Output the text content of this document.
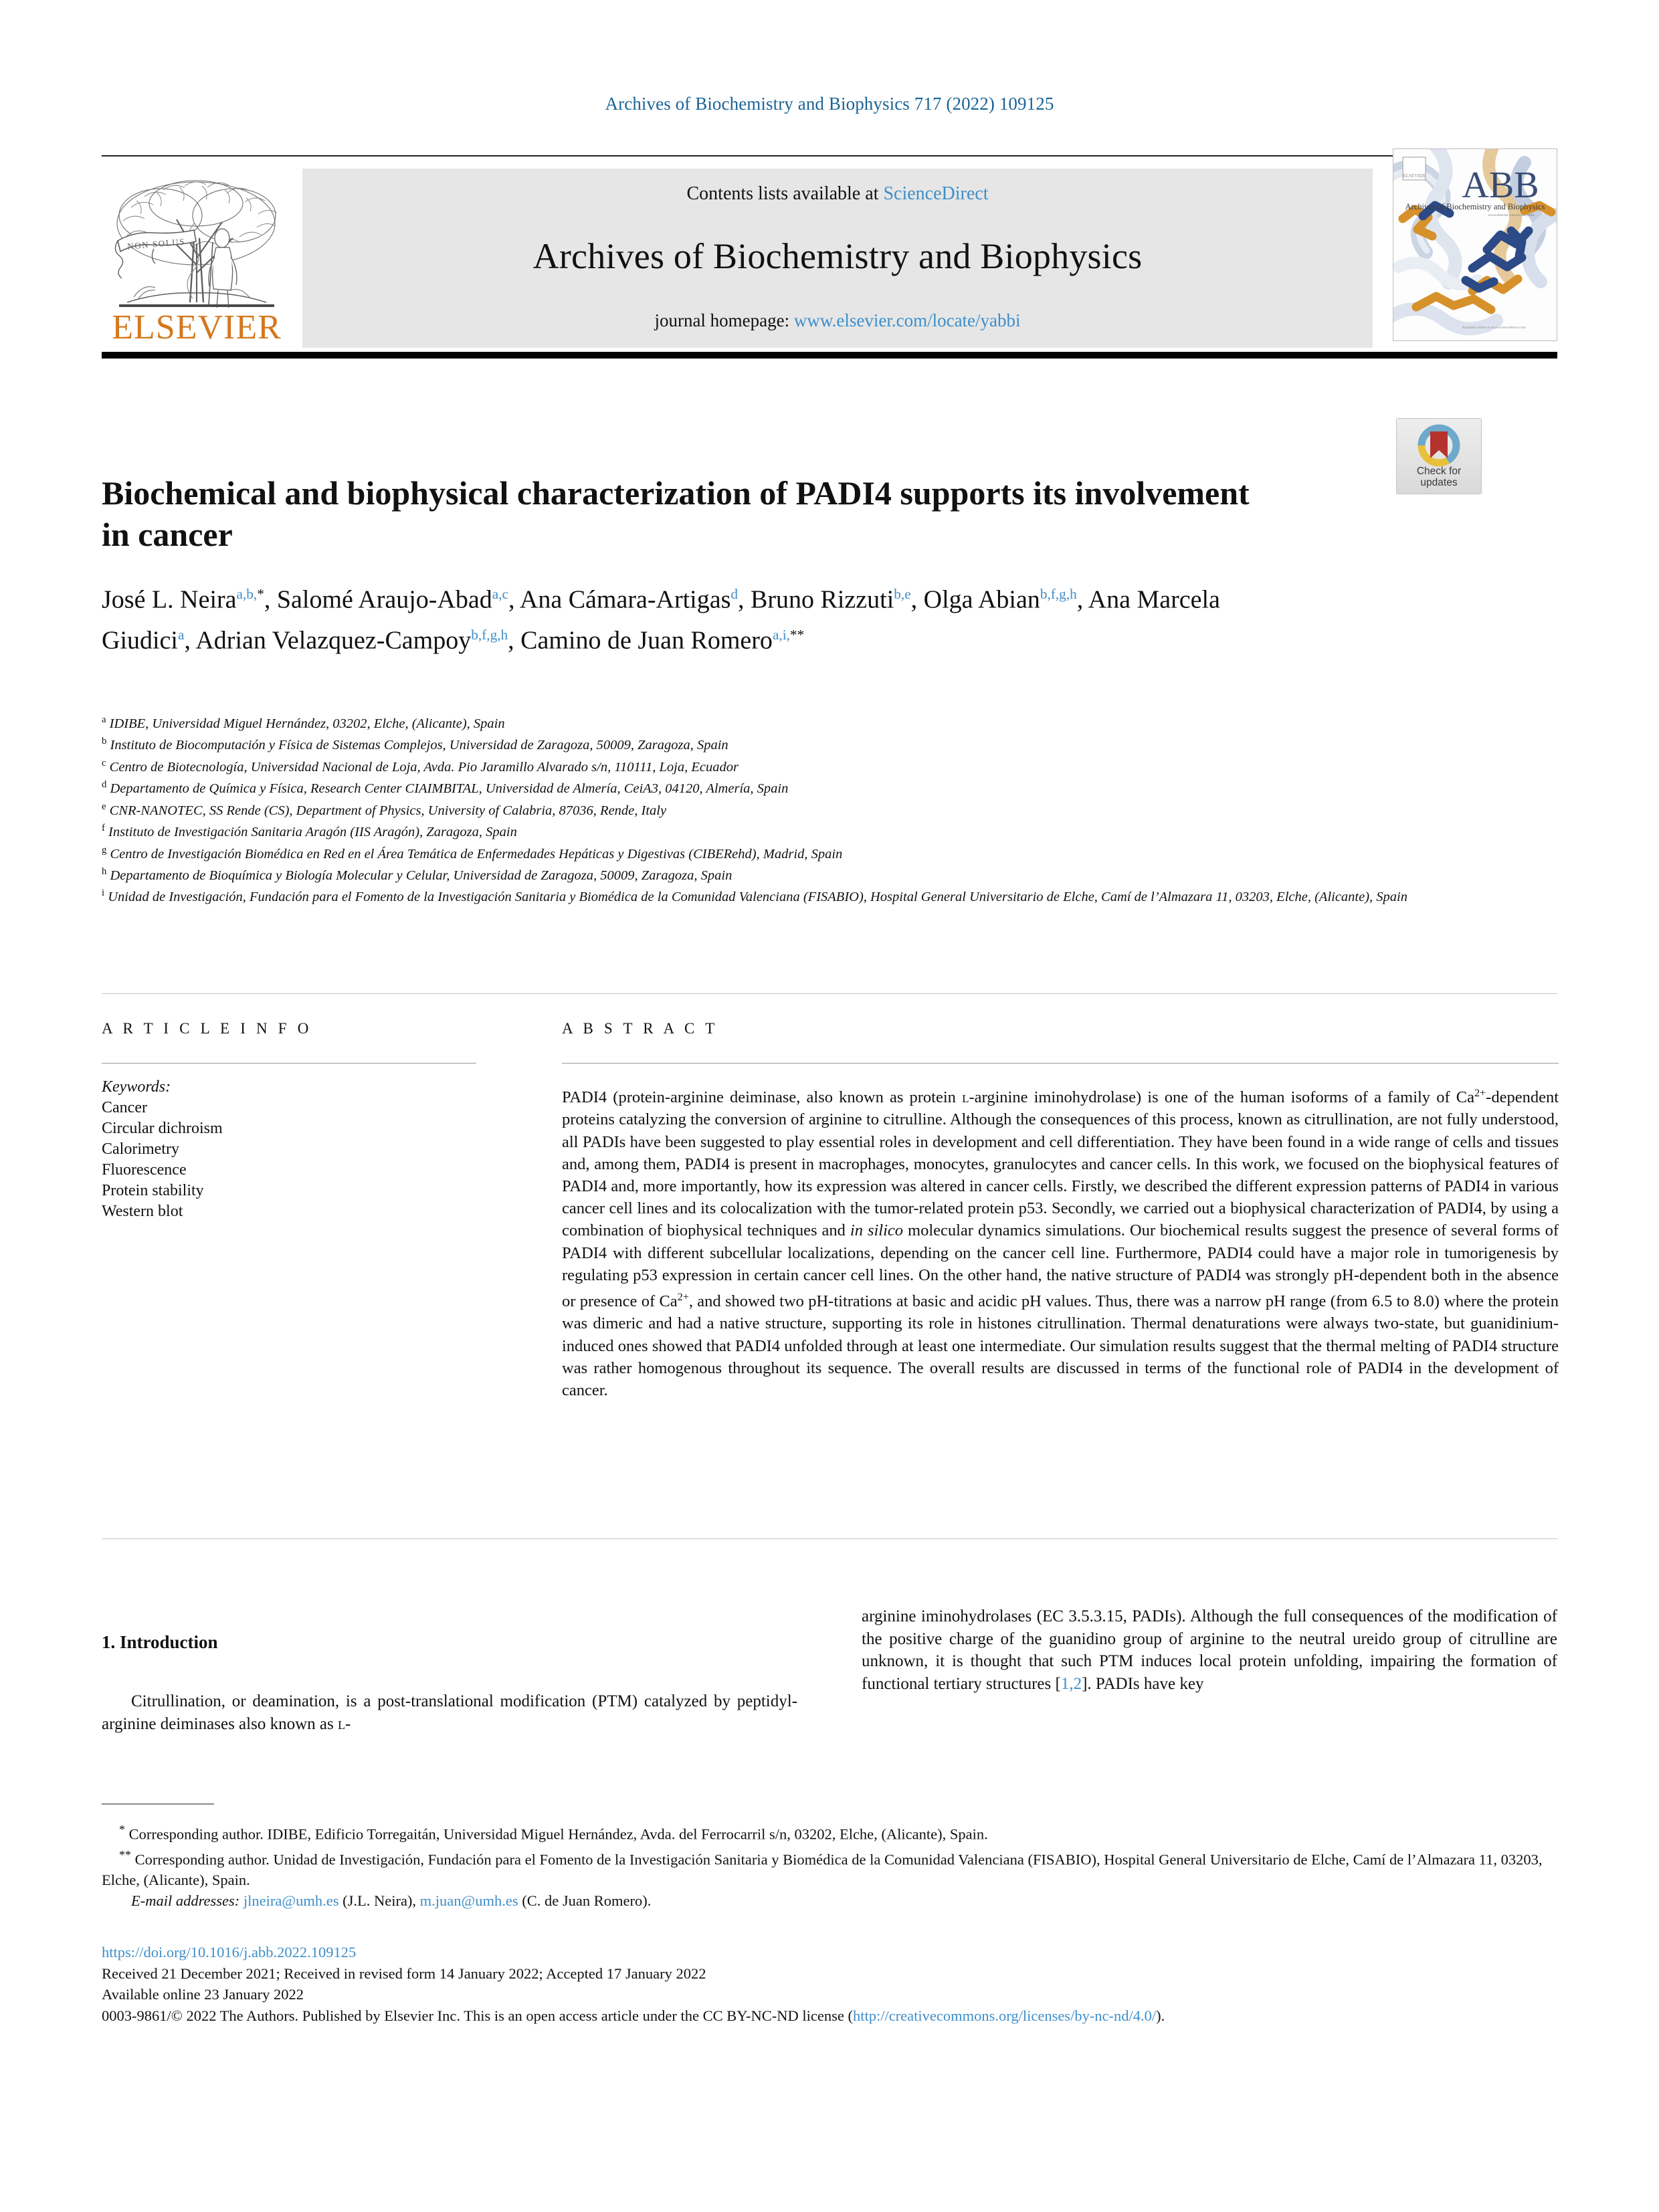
Archives of Biochemistry and Biophysics 717 (2022) 109125
NON SOLUS
ELSEVIER
Contents lists available at ScienceDirect
Archives of Biochemistry and Biophysics
journal homepage: www.elsevier.com/locate/yabbi
ELSEVIER ABB
Archives of Biochemistry and Biophysics
www.elsevier.com/locate/yabbi
Available online at www.sciencedirect.com
Check for
updates
Biochemical and biophysical characterization of PADI4 supports its involvement in cancer
José L. Neira$^{a,b,*}$, Salomé Araujo-Abad$^{a,c}$, Ana Cámara-Artigas$^d$, Bruno Rizzuti$^{b,e}$, Olga Abian$^{b,f,g,h}$, Ana Marcela Giudici$^a$, Adrian Velazquez-Campoy$^{b,f,g,h}$, Camino de Juan Romero$^{a,i,**}$

$^a$ IDIBE, Universidad Miguel Hernández, 03202, Elche, (Alicante), Spain

$^b$ Instituto de Biocomputación y Física de Sistemas Complejos, Universidad de Zaragoza, 50009, Zaragoza, Spain

$^c$ Centro de Biotecnología, Universidad Nacional de Loja, Avda. Pio Jaramillo Alvarado s/n, 110111, Loja, Ecuador

$^d$ Departamento de Química y Física, Research Center CIAIMBITAL, Universidad de Almería, CeiA3, 04120, Almería, Spain

$^e$ CNR-NANOTEC, SS Rende (CS), Department of Physics, University of Calabria, 87036, Rende, Italy

$^f$ Instituto de Investigación Sanitaria Aragón (IIS Aragón), Zaragoza, Spain

$^g$ Centro de Investigación Biomédica en Red en el Área Temática de Enfermedades Hepáticas y Digestivas (CIBERehd), Madrid, Spain

$^h$ Departamento de Bioquímica y Biología Molecular y Celular, Universidad de Zaragoza, 50009, Zaragoza, Spain

$^i$ Unidad de Investigación, Fundación para el Fomento de la Investigación Sanitaria y Biomédica de la Comunidad Valenciana (FISABIO), Hospital General Universitario de Elche, Camí de l’Almazara 11, 03203, Elche, (Alicante), Spain

A R T I C L E I N F O
Keywords:
Cancer
Circular dichroism
Calorimetry
Fluorescence
Protein stability
Western blot
A B S T R A C T
PADI4 (protein-arginine deiminase, also known as protein l-arginine iminohydrolase) is one of the human isoforms of a family of $Ca^{2+}$-dependent proteins catalyzing the conversion of arginine to citrulline. Although the consequences of this process, known as citrullination, are not fully understood, all PADIs have been suggested to play essential roles in development and cell differentiation. They have been found in a wide range of cells and tissues and, among them, PADI4 is present in macrophages, monocytes, granulocytes and cancer cells. In this work, we focused on the biophysical features of PADI4 and, more importantly, how its expression was altered in cancer cells. Firstly, we described the different expression patterns of PADI4 in various cancer cell lines and its colocalization with the tumor-related protein p53. Secondly, we carried out a biophysical characterization of PADI4, by using a combination of biophysical techniques and in silico molecular dynamics simulations. Our biochemical results suggest the presence of several forms of PADI4 with different subcellular localizations, depending on the cancer cell line. Furthermore, PADI4 could have a major role in tumorigenesis by regulating p53 expression in certain cancer cell lines. On the other hand, the native structure of PADI4 was strongly pH-dependent both in the absence or presence of $Ca^{2+}$, and showed two pH-titrations at basic and acidic pH values. Thus, there was a narrow pH range (from 6.5 to 8.0) where the protein was dimeric and had a native structure, supporting its role in histones citrullination. Thermal denaturations were always two-state, but guanidinium-induced ones showed that PADI4 unfolded through at least one intermediate. Our simulation results suggest that the thermal melting of PADI4 structure was rather homogenous throughout its sequence. The overall results are discussed in terms of the functional role of PADI4 in the development of cancer.
1. Introduction
Citrullination, or deamination, is a post-translational modification (PTM) catalyzed by peptidyl-arginine deiminases also known as l-
arginine iminohydrolases (EC 3.5.3.15, PADIs). Although the full consequences of the modification of the positive charge of the guanidino group of arginine to the neutral ureido group of citrulline are unknown, it is thought that such PTM induces local protein unfolding, impairing the formation of functional tertiary structures [1,2]. PADIs have key

* Corresponding author. IDIBE, Edificio Torregaitán, Universidad Miguel Hernández, Avda. del Ferrocarril s/n, 03202, Elche, (Alicante), Spain.

** Corresponding author. Unidad de Investigación, Fundación para el Fomento de la Investigación Sanitaria y Biomédica de la Comunidad Valenciana (FISABIO), Hospital General Universitario de Elche, Camí de l’Almazara 11, 03203, Elche, (Alicante), Spain.

E-mail addresses: jlneira@umh.es (J.L. Neira), m.juan@umh.es (C. de Juan Romero).

https://doi.org/10.1016/j.abb.2022.109125
Received 21 December 2021; Received in revised form 14 January 2022; Accepted 17 January 2022
Available online 23 January 2022
0003-9861/© 2022 The Authors. Published by Elsevier Inc. This is an open access article under the CC BY-NC-ND license (http://creativecommons.org/licenses/by-nc-nd/4.0/).
